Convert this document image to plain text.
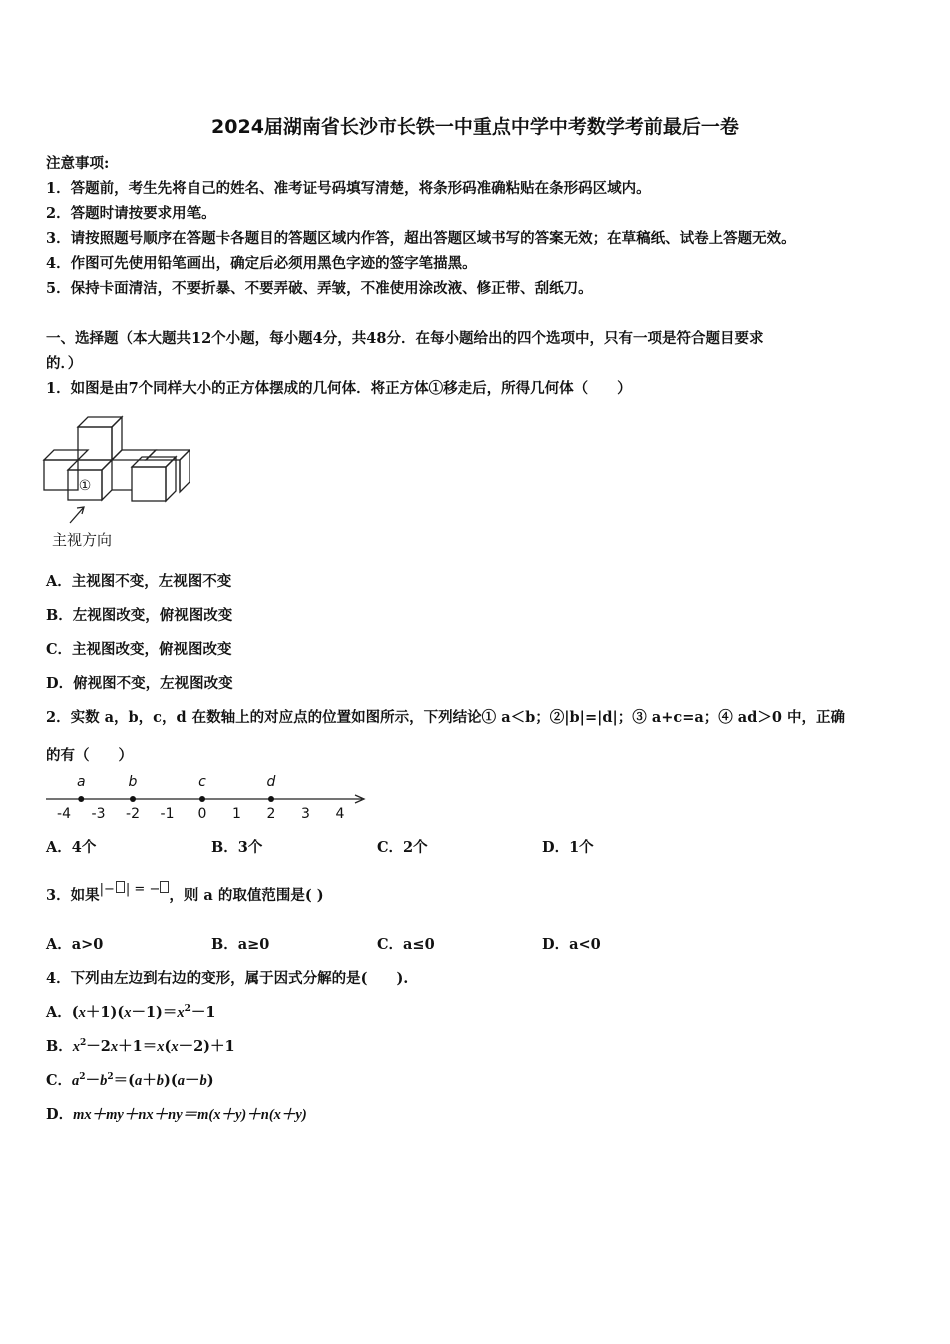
2024届湖南省长沙市长铁一中重点中学中考数学考前最后一卷
注意事项:
1．答题前，考生先将自己的姓名、准考证号码填写清楚，将条形码准确粘贴在条形码区域内。
2．答题时请按要求用笔。
3．请按照题号顺序在答题卡各题目的答题区域内作答，超出答题区域书写的答案无效；在草稿纸、试卷上答题无效。
4．作图可先使用铅笔画出，确定后必须用黑色字迹的签字笔描黑。
5．保持卡面清洁，不要折暴、不要弄破、弄皱，不准使用涂改液、修正带、刮纸刀。
一、选择题（本大题共12个小题，每小题4分，共48分．在每小题给出的四个选项中，只有一项是符合题目要求
的．）
1．如图是由7个同样大小的正方体摆成的几何体．将正方体①移走后，所得几何体（　　）
①
主视方向
A．主视图不变，左视图不变
B．左视图改变，俯视图改变
C．主视图改变，俯视图改变
D．俯视图不变，左视图改变
2．实数 a，b，c，d 在数轴上的对应点的位置如图所示，下列结论① a＜b；②|b|=|d|；③ a+c=a；④ ad＞0 中，正确
的有（　　）
-4 -3 -2 -1 0 1 2 3 4
a	b	c	d
A．4个	B．3个	C．2个	D．1个
3．如果|− | = − ，则 a 的取值范围是( )
A．a>0	B．a≥0	C．a≤0	D．a<0
4．下列由左边到右边的变形，属于因式分解的是(　　).
A．$(x+1)(x-1)=x^2-1$
B．$x^2-2x+1=x(x-2)+1$
C．$a^2-b^2=(a+b)(a-b)$
D．mx＋my＋nx＋ny＝m(x＋y)＋n(x＋y)
